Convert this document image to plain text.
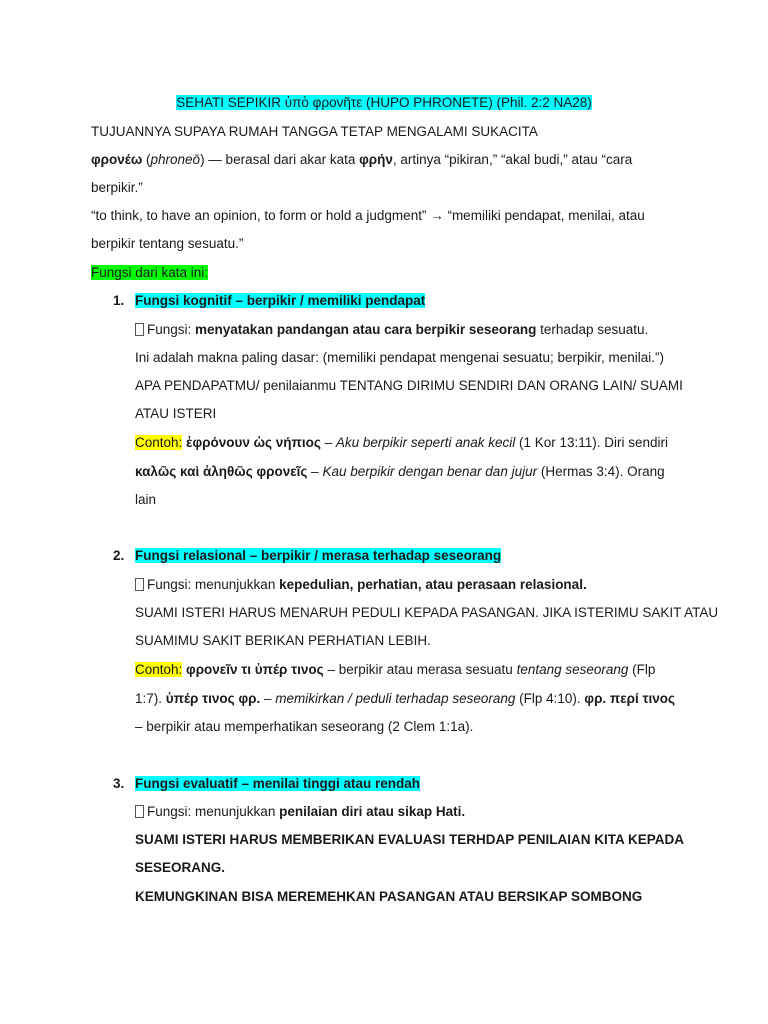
SEHATI SEPIKIR ὑπὸ φρονῆτε (HUPO PHRONETE) (Phil. 2:2 NA28)
TUJUANNYA SUPAYA RUMAH TANGGA TETAP MENGALAMI SUKACITA
φρονέω (phroneō) — berasal dari akar kata φρήν, artinya “pikiran,” “akal budi,” atau “cara
berpikir.”
“to think, to have an opinion, to form or hold a judgment” → “memiliki pendapat, menilai, atau
berpikir tentang sesuatu.”
Fungsi dari kata ini:
1. Fungsi kognitif – berpikir / memiliki pendapat
Fungsi: menyatakan pandangan atau cara berpikir seseorang terhadap sesuatu.
Ini adalah makna paling dasar: (memiliki pendapat mengenai sesuatu; berpikir, menilai.”)
APA PENDAPATMU/ penilaianmu TENTANG DIRIMU SENDIRI DAN ORANG LAIN/ SUAMI
ATAU ISTERI
Contoh: ἐφρόνουν ὡς νήπιος – Aku berpikir seperti anak kecil (1 Kor 13:11). Diri sendiri
καλῶς καὶ ἀληθῶς φρονεῖς – Kau berpikir dengan benar dan jujur (Hermas 3:4). Orang
lain
2. Fungsi relasional – berpikir / merasa terhadap seseorang
Fungsi: menunjukkan kepedulian, perhatian, atau perasaan relasional.
SUAMI ISTERI HARUS MENARUH PEDULI KEPADA PASANGAN. JIKA ISTERIMU SAKIT ATAU
SUAMIMU SAKIT BERIKAN PERHATIAN LEBIH.
Contoh: φρονεῖν τι ὑπέρ τινος – berpikir atau merasa sesuatu tentang seseorang (Flp
1:7). ὑπέρ τινος φρ. – memikirkan / peduli terhadap seseorang (Flp 4:10). φρ. περί τινος
– berpikir atau memperhatikan seseorang (2 Clem 1:1a).
3. Fungsi evaluatif – menilai tinggi atau rendah
Fungsi: menunjukkan penilaian diri atau sikap Hati.
SUAMI ISTERI HARUS MEMBERIKAN EVALUASI TERHDAP PENILAIAN KITA KEPADA
SESEORANG.
KEMUNGKINAN BISA MEREMEHKAN PASANGAN ATAU BERSIKAP SOMBONG
